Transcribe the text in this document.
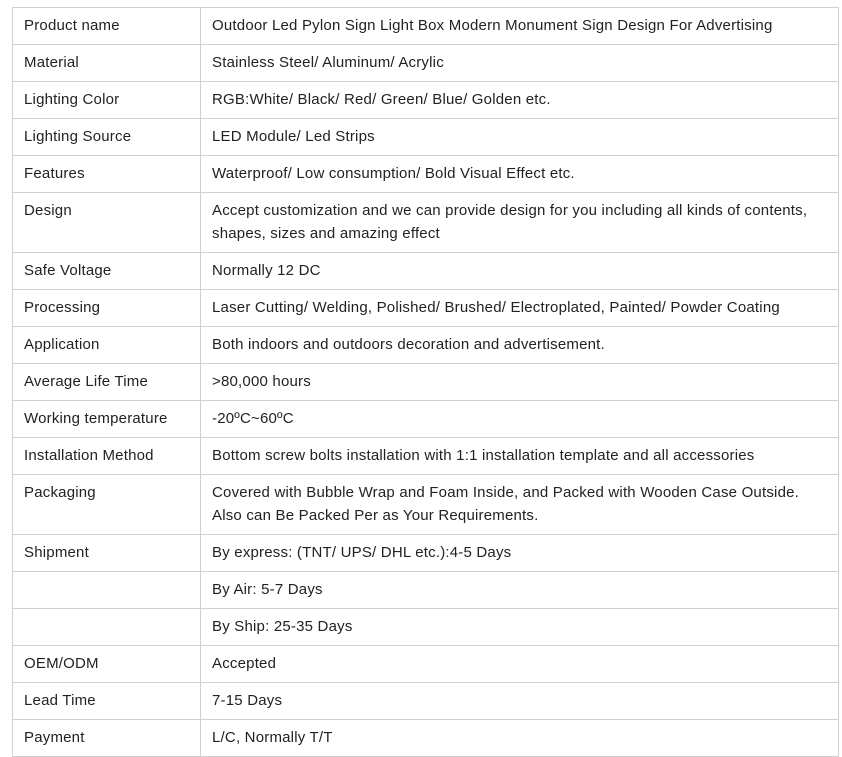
Product name	Outdoor Led Pylon Sign Light Box Modern Monument Sign Design For Advertising
Material	Stainless Steel/ Aluminum/ Acrylic
Lighting Color	RGB:White/ Black/ Red/ Green/ Blue/ Golden etc.
Lighting Source	LED Module/ Led Strips
Features	Waterproof/ Low consumption/ Bold Visual Effect etc.
Design	Accept customization and we can provide design for you including all kinds of contents, shapes, sizes and amazing effect
Safe Voltage	Normally 12 DC
Processing	Laser Cutting/ Welding, Polished/ Brushed/ Electroplated, Painted/ Powder Coating
Application	Both indoors and outdoors decoration and advertisement.
Average Life Time	>80,000 hours
Working temperature	-20ºC~60ºC
Installation Method	Bottom screw bolts installation with 1:1 installation template and all accessories
Packaging	Covered with Bubble Wrap and Foam Inside, and Packed with Wooden Case Outside. Also can Be Packed Per as Your Requirements.
Shipment	By express: (TNT/ UPS/ DHL etc.):4-5 Days
	By Air: 5-7 Days
	By Ship: 25-35 Days
OEM/ODM	Accepted
Lead Time	7-15 Days
Payment	L/C, Normally T/T
